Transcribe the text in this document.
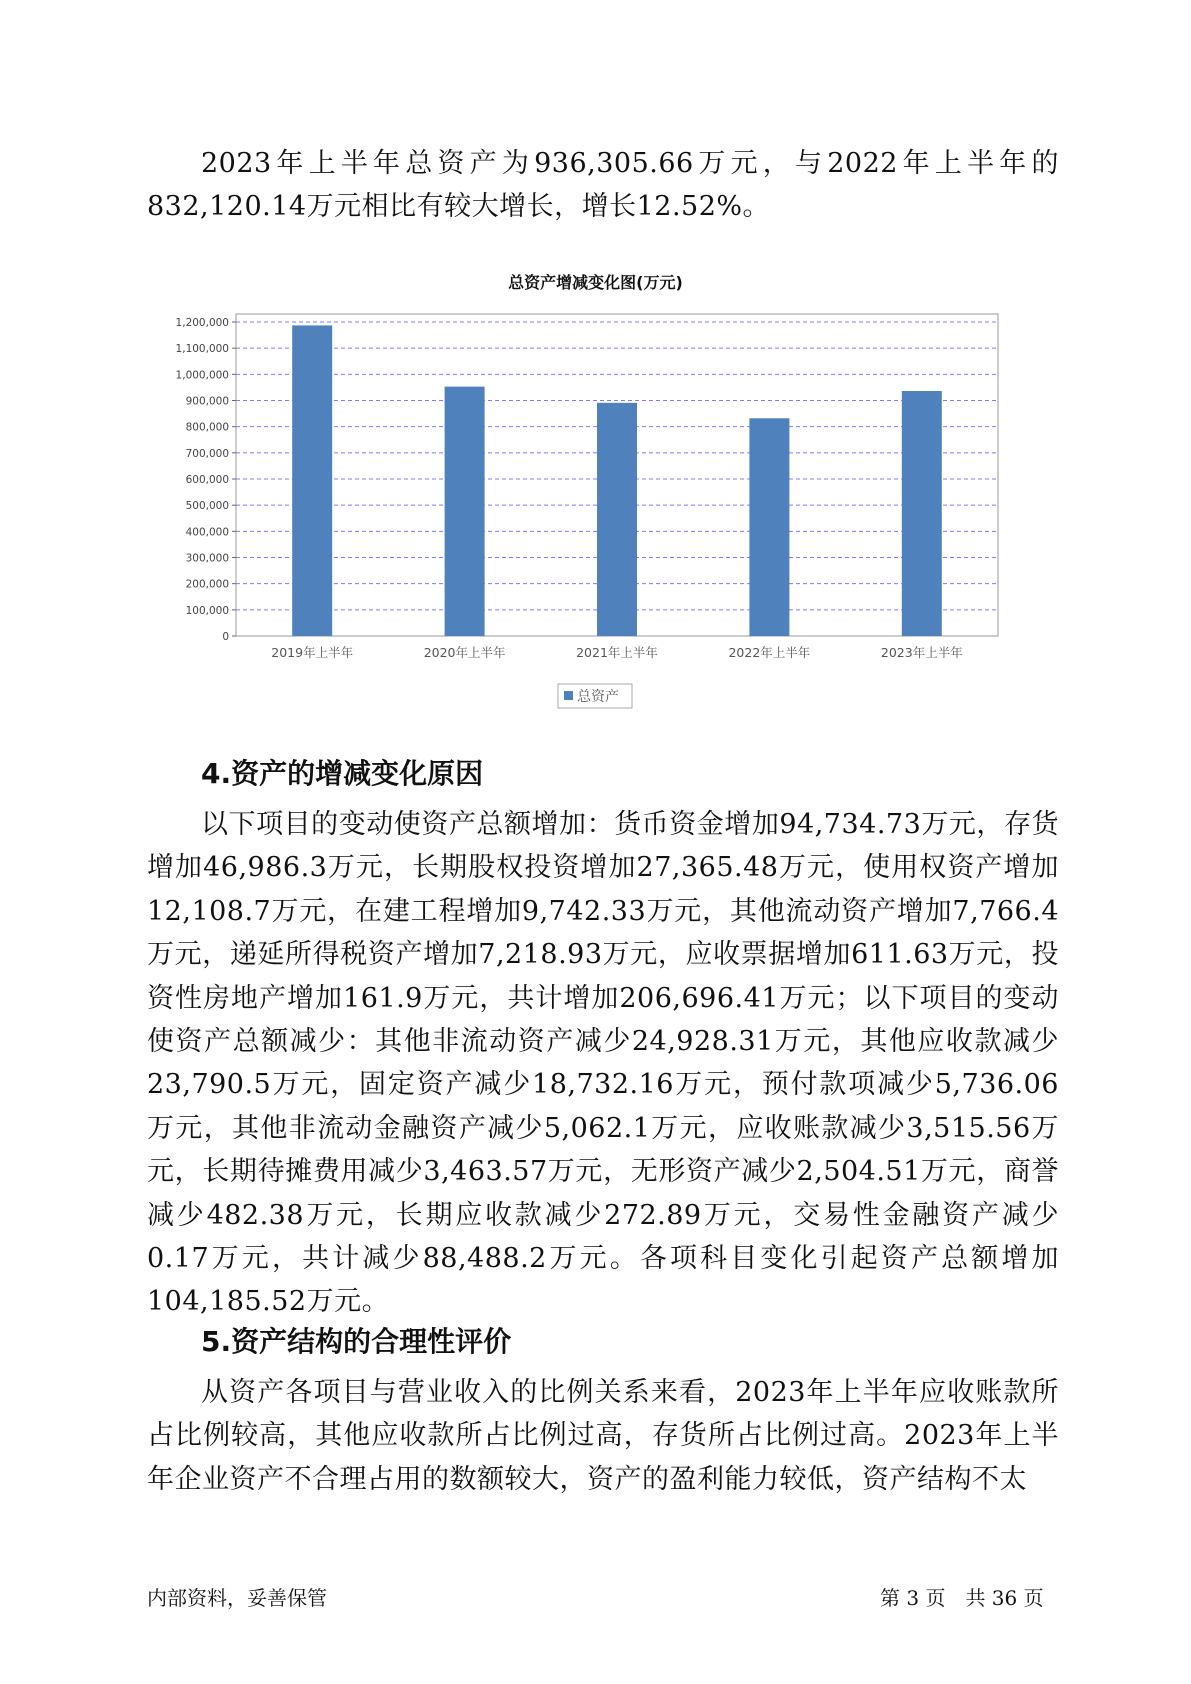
2023年上半年总资产为936,305.66万元，与2022年上半年的832,120.14万元相比有较大增长，增长12.52%。

总资产增减变化图(万元)
0
100,000
200,000
300,000
400,000
500,000
600,000
700,000
800,000
900,000
1,000,000
1,100,000
1,200,000
2019年上半年	2020年上半年	2021年上半年	2022年上半年	2023年上半年
总资产
4.资产的增减变化原因

以下项目的变动使资产总额增加：货币资金增加94,734.73万元，存货增加46,986.3万元，长期股权投资增加27,365.48万元，使用权资产增加12,108.7万元，在建工程增加9,742.33万元，其他流动资产增加7,766.4万元，递延所得税资产增加7,218.93万元，应收票据增加611.63万元，投资性房地产增加161.9万元，共计增加206,696.41万元；以下项目的变动使资产总额减少：其他非流动资产减少24,928.31万元，其他应收款减少23,790.5万元，固定资产减少18,732.16万元，预付款项减少5,736.06万元，其他非流动金融资产减少5,062.1万元，应收账款减少3,515.56万元，长期待摊费用减少3,463.57万元，无形资产减少2,504.51万元，商誉减少482.38万元，长期应收款减少272.89万元，交易性金融资产减少0.17万元，共计减少88,488.2万元。各项科目变化引起资产总额增加104,185.52万元。

5.资产结构的合理性评价

从资产各项目与营业收入的比例关系来看，2023年上半年应收账款所占比例较高，其他应收款所占比例过高，存货所占比例过高。2023年上半年企业资产不合理占用的数额较大，资产的盈利能力较低，资产结构不太

内部资料，妥善保管	第 3 页　共 36 页
